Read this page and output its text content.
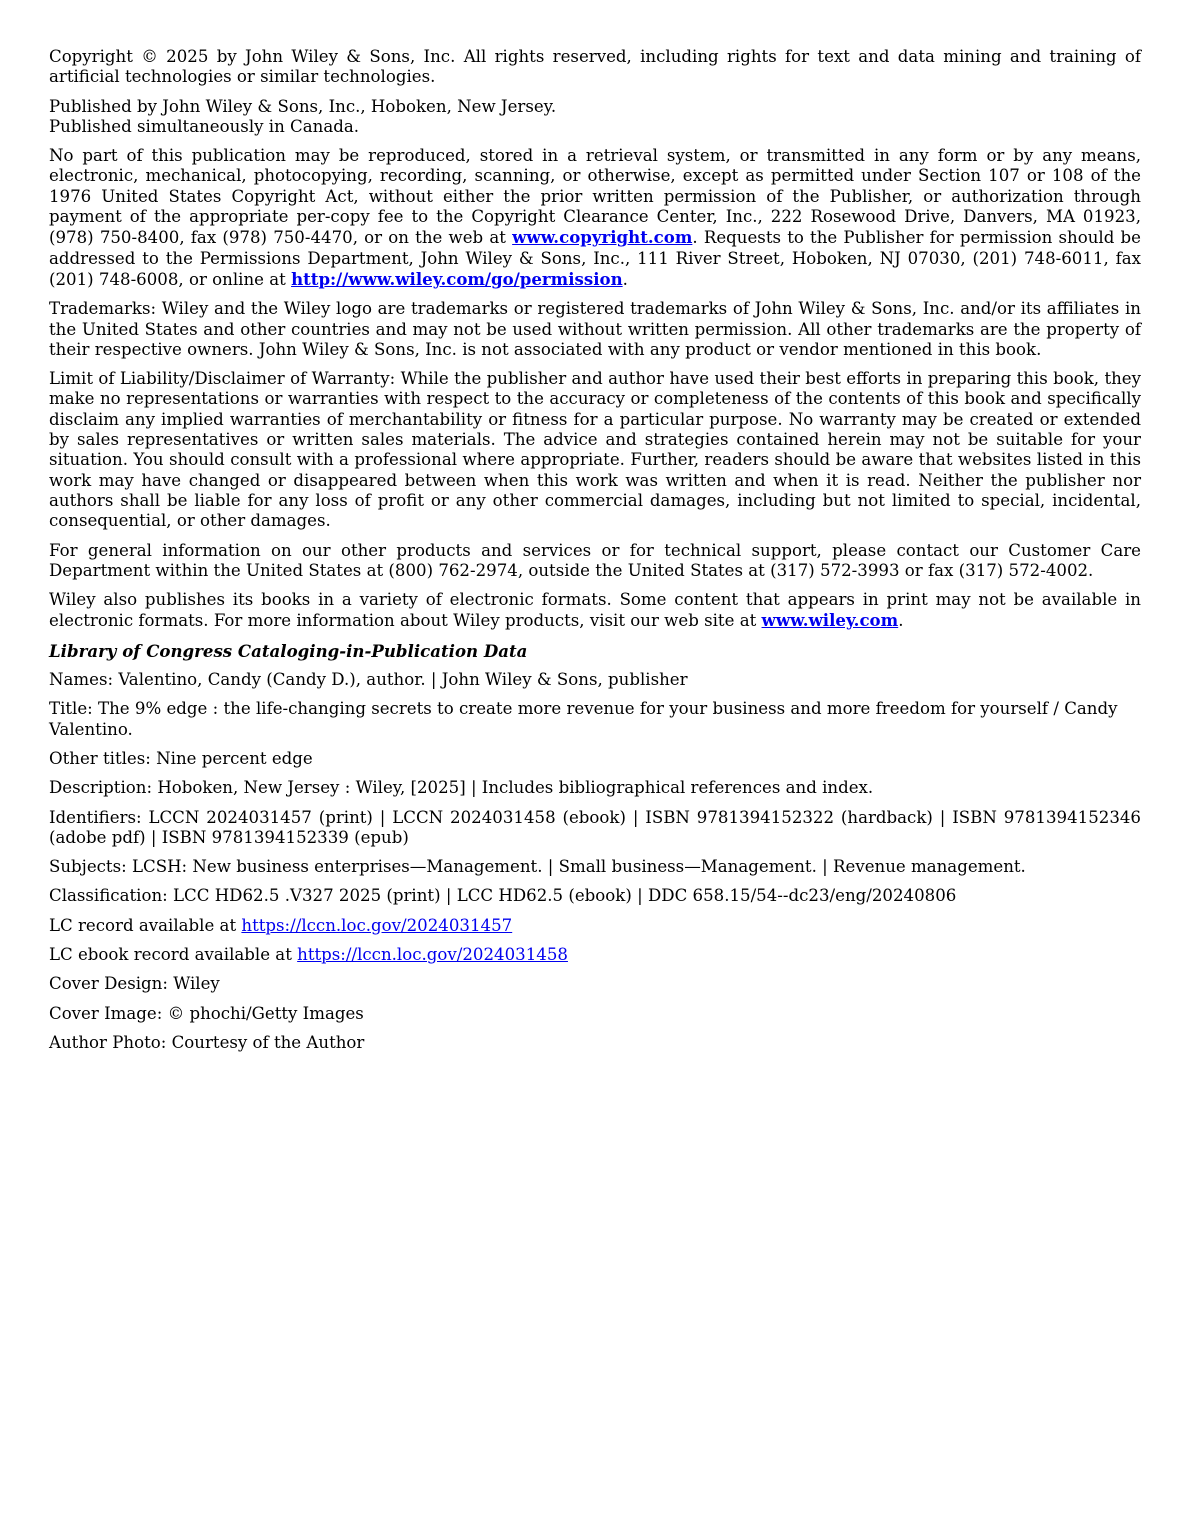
Copyright © 2025 by John Wiley & Sons, Inc. All rights reserved, including rights for text and data mining and training of artificial technologies or similar technologies.

Published by John Wiley & Sons, Inc., Hoboken, New Jersey.
Published simultaneously in Canada.

No part of this publication may be reproduced, stored in a retrieval system, or transmitted in any form or by any means, electronic, mechanical, photocopying, recording, scanning, or otherwise, except as permitted under Section 107 or 108 of the 1976 United States Copyright Act, without either the prior written permission of the Publisher, or authorization through payment of the appropriate per-copy fee to the Copyright Clearance Center, Inc., 222 Rosewood Drive, Danvers, MA 01923, (978) 750-8400, fax (978) 750-4470, or on the web at www.copyright.com. Requests to the Publisher for permission should be addressed to the Permissions Department, John Wiley & Sons, Inc., 111 River Street, Hoboken, NJ 07030, (201) 748-6011, fax (201) 748-6008, or online at http://www.wiley.com/go/permission.

Trademarks: Wiley and the Wiley logo are trademarks or registered trademarks of John Wiley & Sons, Inc. and/or its affiliates in the United States and other countries and may not be used without written permission. All other trademarks are the property of their respective owners. John Wiley & Sons, Inc. is not associated with any product or vendor mentioned in this book.

Limit of Liability/Disclaimer of Warranty: While the publisher and author have used their best efforts in preparing this book, they make no representations or warranties with respect to the accuracy or completeness of the contents of this book and specifically disclaim any implied warranties of merchantability or fitness for a particular purpose. No warranty may be created or extended by sales representatives or written sales materials. The advice and strategies contained herein may not be suitable for your situation. You should consult with a professional where appropriate. Further, readers should be aware that websites listed in this work may have changed or disappeared between when this work was written and when it is read. Neither the publisher nor authors shall be liable for any loss of profit or any other commercial damages, including but not limited to special, incidental, consequential, or other damages.

For general information on our other products and services or for technical support, please contact our Customer Care Department within the United States at (800) 762-2974, outside the United States at (317) 572-3993 or fax (317) 572-4002.

Wiley also publishes its books in a variety of electronic formats. Some content that appears in print may not be available in electronic formats. For more information about Wiley products, visit our web site at www.wiley.com.

Library of Congress Cataloging-in-Publication Data

Names: Valentino, Candy (Candy D.), author. | John Wiley & Sons, publisher

Title: The 9% edge : the life-changing secrets to create more revenue for your business and more freedom for yourself / Candy Valentino.

Other titles: Nine percent edge

Description: Hoboken, New Jersey : Wiley, [2025] | Includes bibliographical references and index.

Identifiers: LCCN 2024031457 (print) | LCCN 2024031458 (ebook) | ISBN 9781394152322 (hardback) | ISBN 9781394152346 (adobe pdf) | ISBN 9781394152339 (epub)

Subjects: LCSH: New business enterprises—Management. | Small business—Management. | Revenue management.

Classification: LCC HD62.5 .V327 2025 (print) | LCC HD62.5 (ebook) | DDC 658.15/54--dc23/eng/20240806

LC record available at https://lccn.loc.gov/2024031457

LC ebook record available at https://lccn.loc.gov/2024031458

Cover Design: Wiley

Cover Image: © phochi/Getty Images

Author Photo: Courtesy of the Author
